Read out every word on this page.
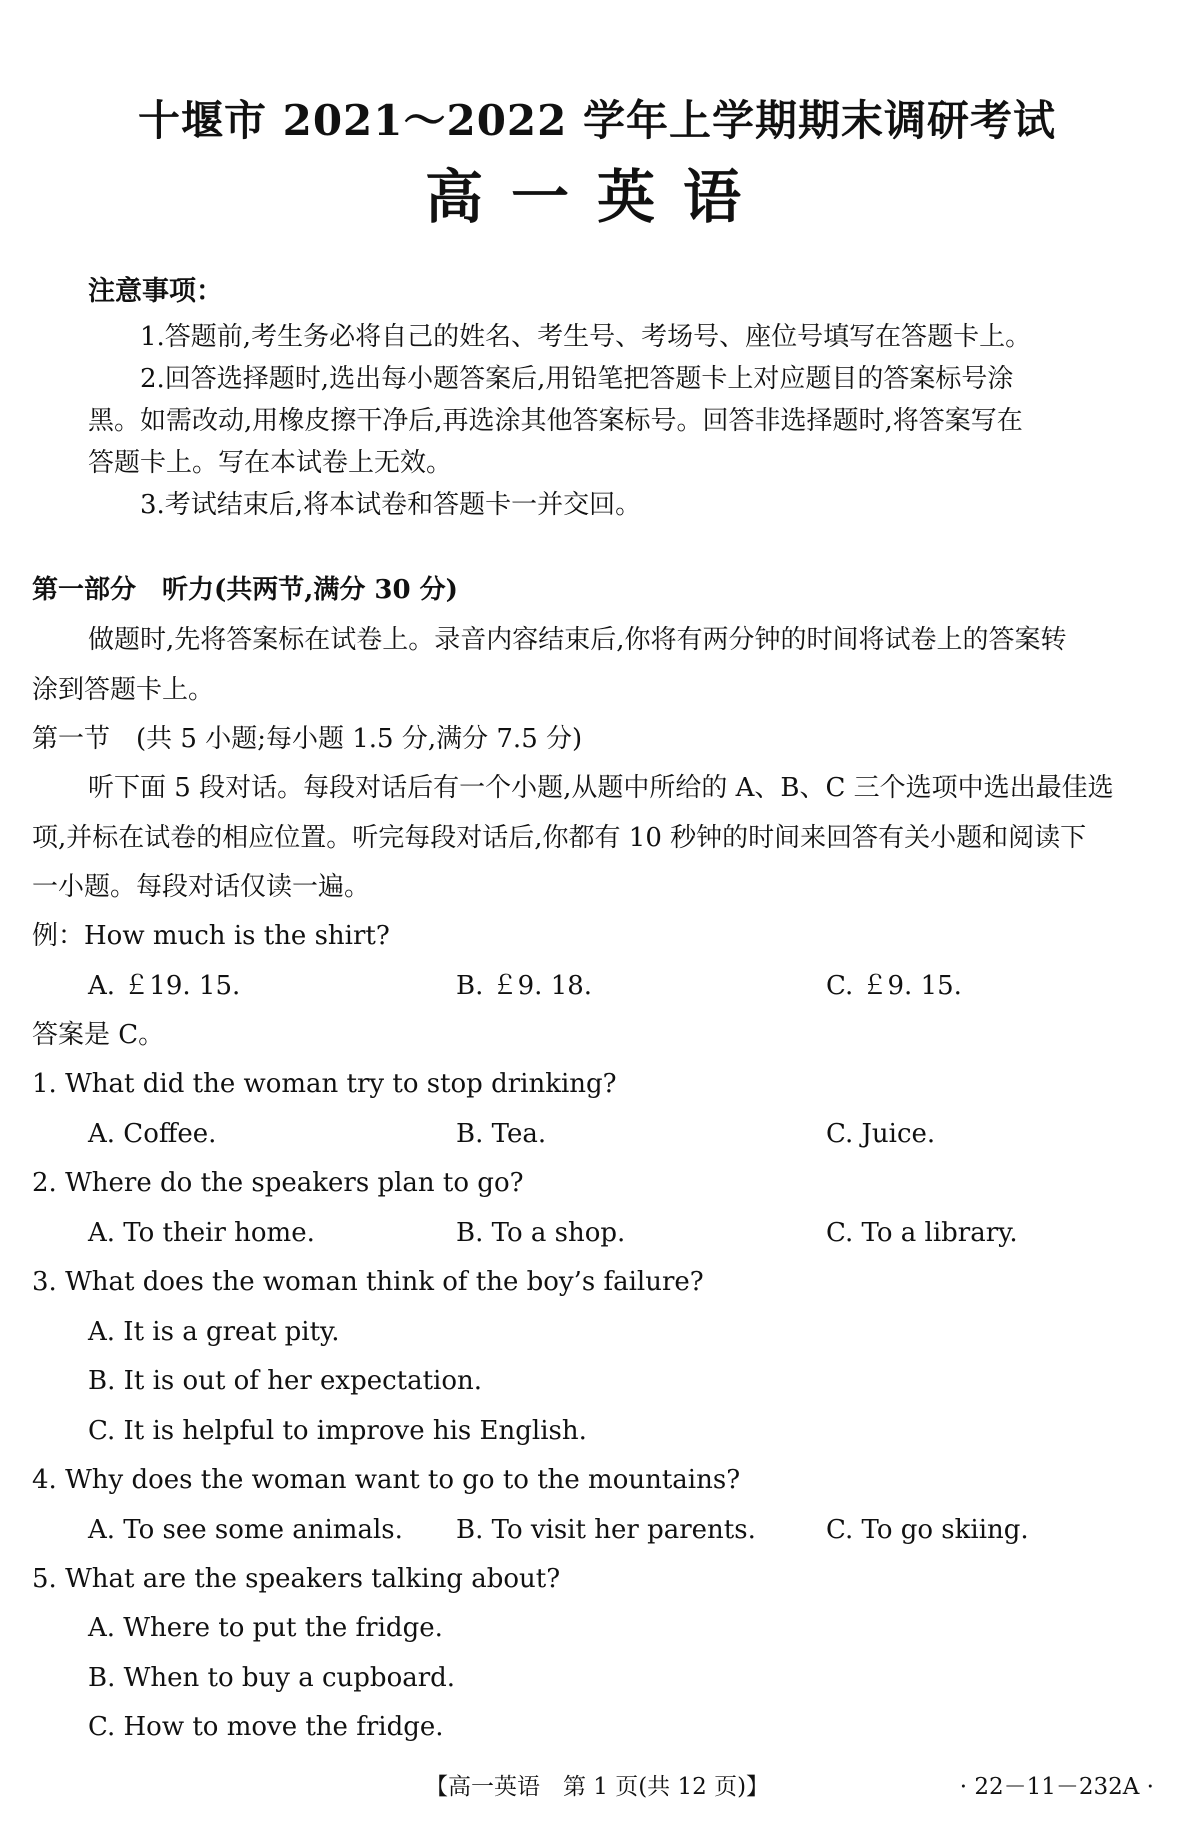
十堰市 2021～2022 学年上学期期末调研考试
高一英语
注意事项：
1.答题前,考生务必将自己的姓名、考生号、考场号、座位号填写在答题卡上。
2.回答选择题时,选出每小题答案后,用铅笔把答题卡上对应题目的答案标号涂
黑。如需改动,用橡皮擦干净后,再选涂其他答案标号。回答非选择题时,将答案写在
答题卡上。写在本试卷上无效。
3.考试结束后,将本试卷和答题卡一并交回。
第一部分　听力(共两节,满分 30 分)
做题时,先将答案标在试卷上。录音内容结束后,你将有两分钟的时间将试卷上的答案转
涂到答题卡上。
第一节　(共 5 小题;每小题 1.5 分,满分 7.5 分)
听下面 5 段对话。每段对话后有一个小题,从题中所给的 A、B、C 三个选项中选出最佳选
项,并标在试卷的相应位置。听完每段对话后,你都有 10 秒钟的时间来回答有关小题和阅读下
一小题。每段对话仅读一遍。
例：How much is the shirt?
A. ￡19. 15.	B. ￡9. 18.	C. ￡9. 15.
答案是 C。
1. What did the woman try to stop drinking?
A. Coffee.	B. Tea.	C. Juice.
2. Where do the speakers plan to go?
A. To their home.	B. To a shop.	C. To a library.
3. What does the woman think of the boy’s failure?
A. It is a great pity.
B. It is out of her expectation.
C. It is helpful to improve his English.
4. Why does the woman want to go to the mountains?
A. To see some animals. B. To visit her parents.	C. To go skiing.
5. What are the speakers talking about?
A. Where to put the fridge.
B. When to buy a cupboard.
C. How to move the fridge.
【高一英语　第 1 页(共 12 页)】	· 22－11－232A ·
